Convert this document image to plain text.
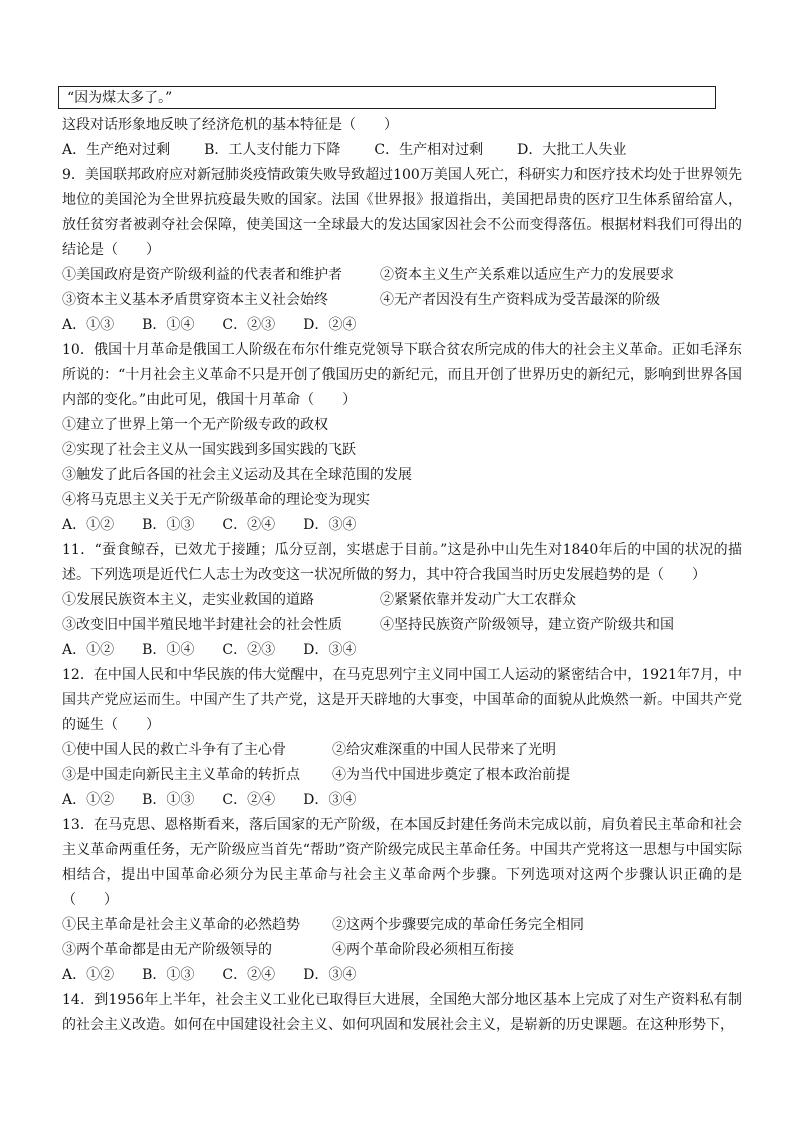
“因为煤太多了。”
这段对话形象地反映了经济危机的基本特征是（　　）
A．生产绝对过剩 B．工人支付能力下降 C．生产相对过剩 D．大批工人失业
9．美国联邦政府应对新冠肺炎疫情政策失败导致超过100万美国人死亡，科研实力和医疗技术均处于世界领先地位的美国沦为全世界抗疫最失败的国家。法国《世界报》报道指出，美国把昂贵的医疗卫生体系留给富人，放任贫穷者被剥夺社会保障，使美国这一全球最大的发达国家因社会不公而变得落伍。根据材料我们可得出的结论是（　　）
①美国政府是资产阶级利益的代表者和维护者	②资本主义生产关系难以适应生产力的发展要求
③资本主义基本矛盾贯穿资本主义社会始终	④无产者因没有生产资料成为受苦最深的阶级
A．①③ B．①④ C．②③ D．②④
10．俄国十月革命是俄国工人阶级在布尔什维克党领导下联合贫农所完成的伟大的社会主义革命。正如毛泽东所说的：“十月社会主义革命不只是开创了俄国历史的新纪元，而且开创了世界历史的新纪元，影响到世界各国内部的变化。”由此可见，俄国十月革命（　　）
①建立了世界上第一个无产阶级专政的政权
②实现了社会主义从一国实践到多国实践的飞跃
③触发了此后各国的社会主义运动及其在全球范围的发展
④将马克思主义关于无产阶级革命的理论变为现实
A．①② B．①③ C．②④ D．③④
11．“蚕食鲸吞，已效尤于接踵；瓜分豆剖，实堪虑于目前。”这是孙中山先生对1840年后的中国的状况的描述。下列选项是近代仁人志士为改变这一状况所做的努力，其中符合我国当时历史发展趋势的是（　　）
①发展民族资本主义，走实业救国的道路	②紧紧依靠并发动广大工农群众
③改变旧中国半殖民地半封建社会的社会性质	④坚持民族资产阶级领导，建立资产阶级共和国
A．①② B．①④ C．②③ D．③④
12．在中国人民和中华民族的伟大觉醒中，在马克思列宁主义同中国工人运动的紧密结合中，1921年7月，中国共产党应运而生。中国产生了共产党，这是开天辟地的大事变，中国革命的面貌从此焕然一新。中国共产党的诞生（　　）
①使中国人民的救亡斗争有了主心骨	②给灾难深重的中国人民带来了光明
③是中国走向新民主主义革命的转折点	④为当代中国进步奠定了根本政治前提
A．①② B．①③ C．②④ D．③④
13．在马克思、恩格斯看来，落后国家的无产阶级，在本国反封建任务尚未完成以前，肩负着民主革命和社会主义革命两重任务，无产阶级应当首先“帮助”资产阶级完成民主革命任务。中国共产党将这一思想与中国实际相结合，提出中国革命必须分为民主革命与社会主义革命两个步骤。下列选项对这两个步骤认识正确的是（　　）
①民主革命是社会主义革命的必然趋势	②这两个步骤要完成的革命任务完全相同
③两个革命都是由无产阶级领导的	④两个革命阶段必须相互衔接
A．①② B．①③ C．②④ D．③④
14．到1956年上半年，社会主义工业化已取得巨大进展，全国绝大部分地区基本上完成了对生产资料私有制的社会主义改造。如何在中国建设社会主义、如何巩固和发展社会主义，是崭新的历史课题。在这种形势下，
